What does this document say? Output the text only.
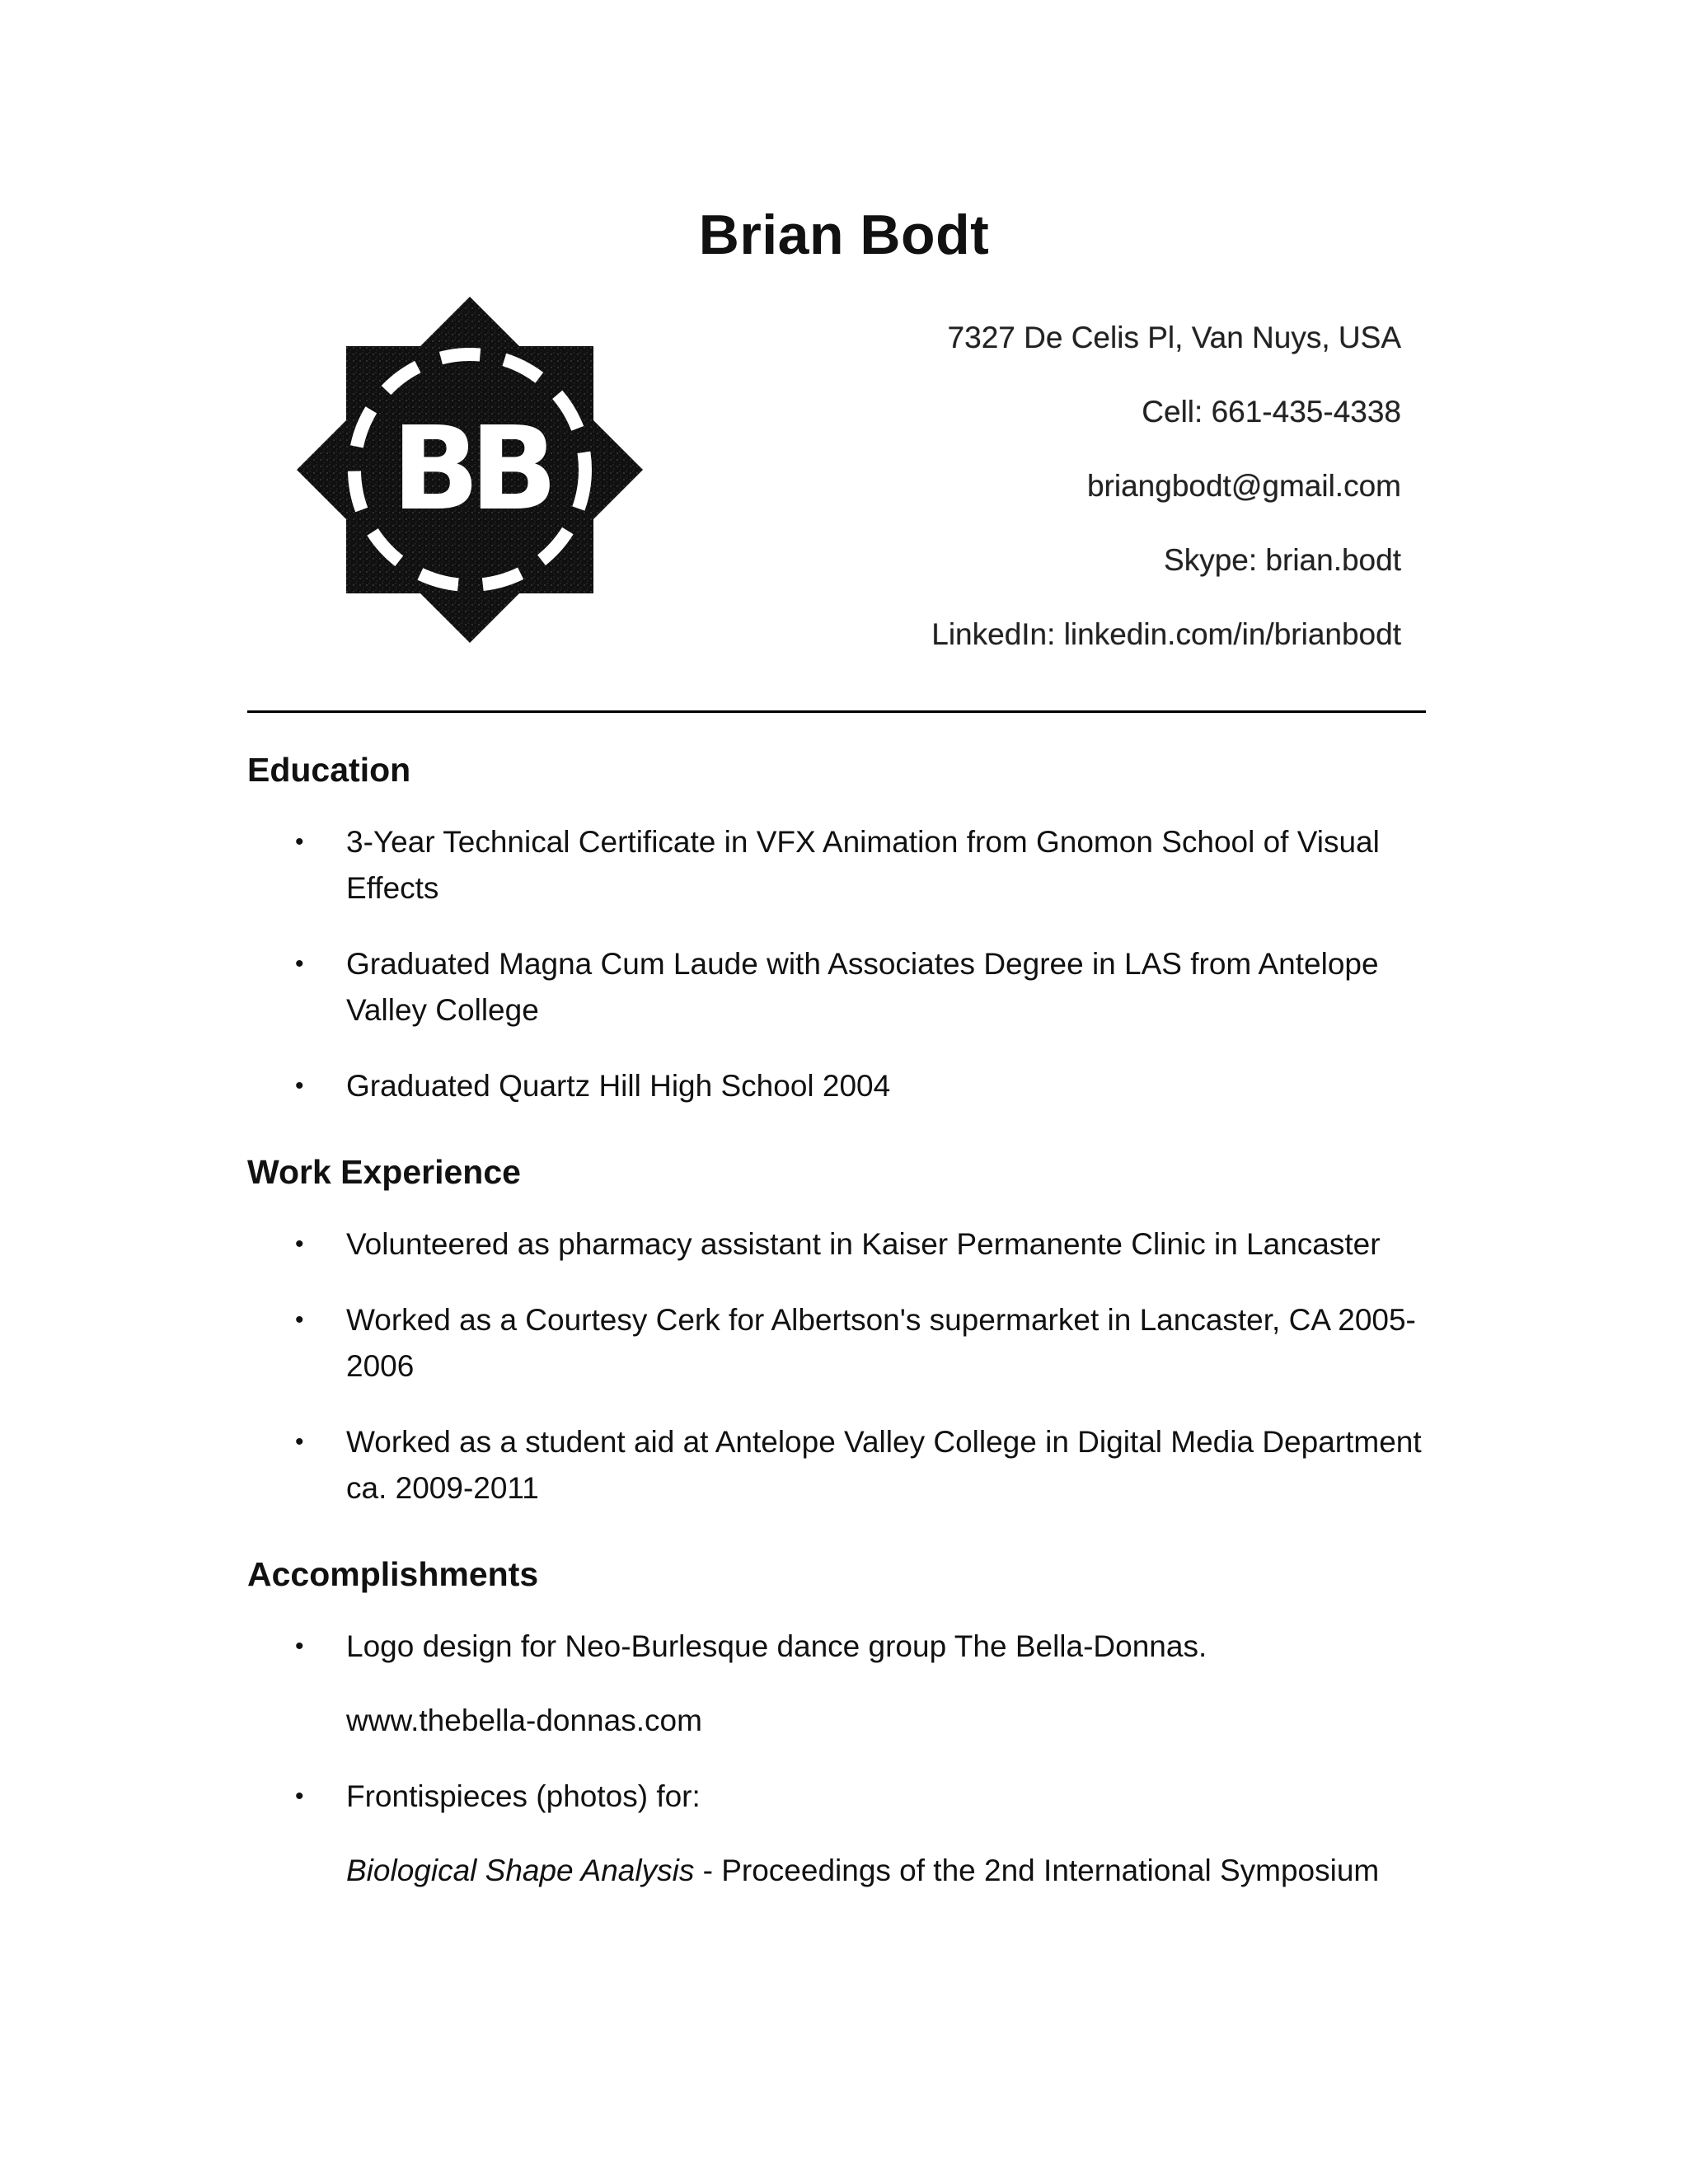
Brian Bodt
BB
7327 De Celis Pl, Van Nuys, USA
Cell: 661-435-4338
briangbodt@gmail.com
Skype: brian.bodt
LinkedIn: linkedin.com/in/brianbodt
Education
• 3-Year Technical Certificate in VFX Animation from Gnomon School of Visual Effects
• Graduated Magna Cum Laude with Associates Degree in LAS from Antelope Valley College
• Graduated Quartz Hill High School 2004
Work Experience
• Volunteered as pharmacy assistant in Kaiser Permanente Clinic in Lancaster
• Worked as a Courtesy Cerk for Albertson's supermarket in Lancaster, CA 2005-2006
• Worked as a student aid at Antelope Valley College in Digital Media Department ca. 2009-2011
Accomplishments
• Logo design for Neo-Burlesque dance group The Bella-Donnas.
www.thebella-donnas.com
• Frontispieces (photos) for:
Biological Shape Analysis - Proceedings of the 2nd International Symposium
